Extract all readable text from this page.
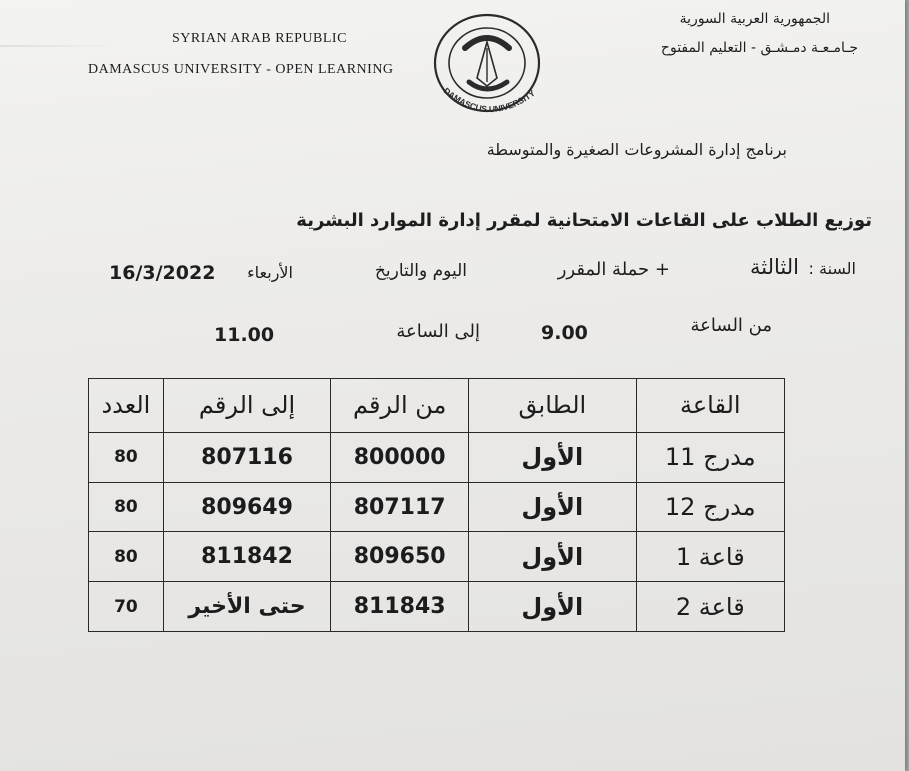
SYRIAN ARAB REPUBLIC
DAMASCUS UNIVERSITY - OPEN LEARNING
الجمهورية العربية السورية
جـامـعـة دمـشـق - التعليم المفتوح
DAMASCUS UNIVERSITY
برنامج إدارة المشروعات الصغيرة والمتوسطة
توزيع الطلاب على القاعات الامتحانية لمقرر إدارة الموارد البشرية
السنة :
الثالثة
+ حملة المقرر
اليوم والتاريخ
الأربعاء
16/3/2022
من الساعة
9.00
إلى الساعة
11.00
القاعة	الطابق	من الرقم	إلى الرقم	العدد
مدرج 11	الأول	800000	807116	80
مدرج 12	الأول	807117	809649	80
قاعة 1	الأول	809650	811842	80
قاعة 2	الأول	811843	حتى الأخير	70
